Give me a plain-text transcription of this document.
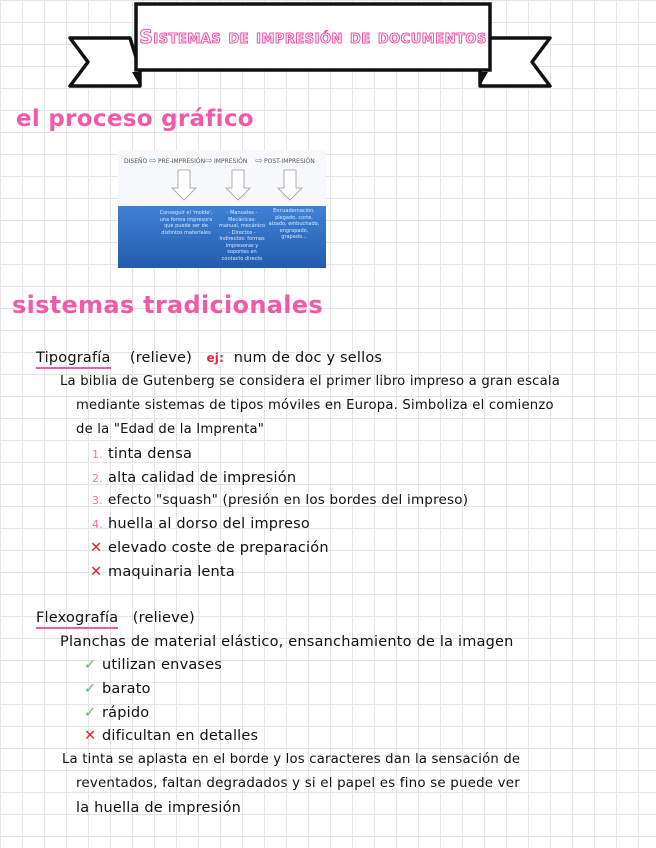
Sistemas de impresión de documentos
el proceso gráfico
DISEÑO ⇨ PRE-IMPRESIÓN ⇨ IMPRESIÓN ⇨ POST-IMPRESIÓN
Conseguir el 'molde', una forma impresora que puede ser de distintos materiales
- Manuales - Mecánicas: manual, mecánico - Directos - Indirectos: formas impresoras y soportes en contacto directo
Encuadernación, plegado, corte, alzado, embuchado, engrapado, grapado...
sistemas tradicionales
Tipografía (relieve) ej: num de doc y sellos
La biblia de Gutenberg se considera el primer libro impreso a gran escala
mediante sistemas de tipos móviles en Europa. Simboliza el comienzo
de la "Edad de la Imprenta"
1. tinta densa
2. alta calidad de impresión
3. efecto "squash" (presión en los bordes del impreso)
4. huella al dorso del impreso
✕ elevado coste de preparación
✕ maquinaria lenta
Flexografía (relieve)
Planchas de material elástico, ensanchamiento de la imagen
✓ utilizan envases
✓ barato
✓ rápido
✕ dificultan en detalles
La tinta se aplasta en el borde y los caracteres dan la sensación de
reventados, faltan degradados y si el papel es fino se puede ver
la huella de impresión
